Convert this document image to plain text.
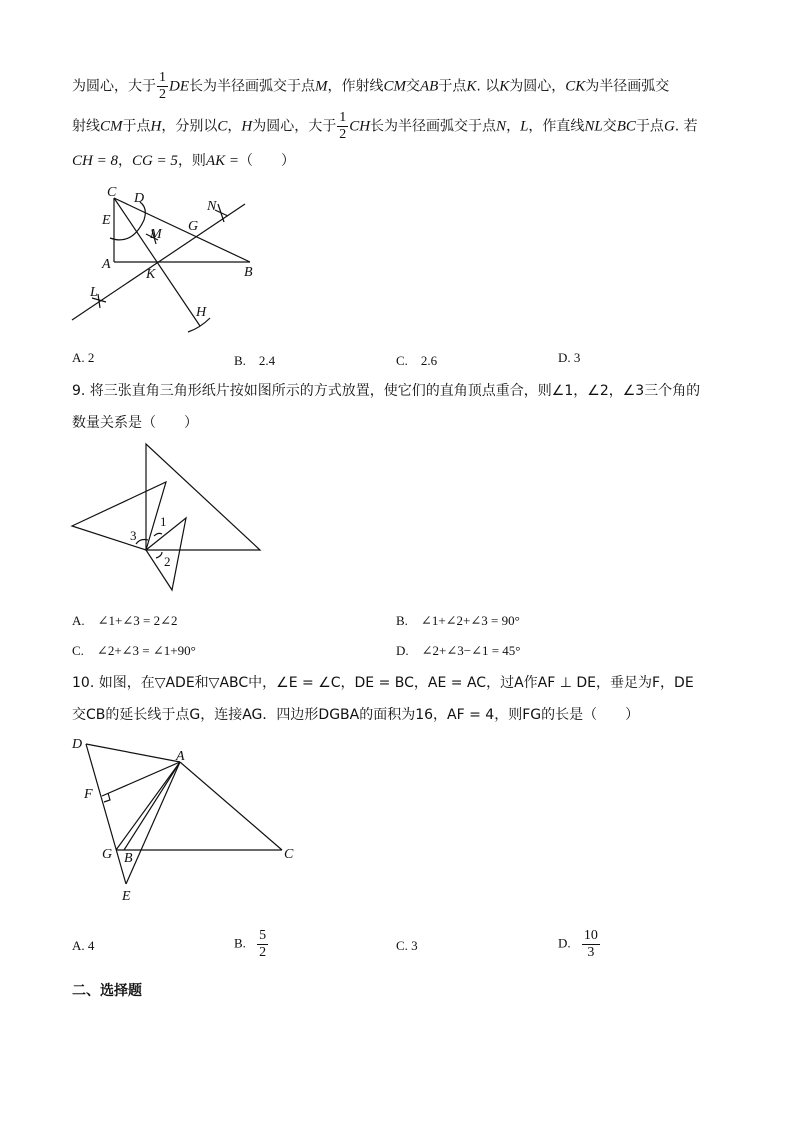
为圆心，大于 $\frac{1}{2}$ DE长为半径画弧交于点M，作射线CM交AB于点K. 以K为圆心，CK为半径画弧交
射线CM于点H，分别以C，H为圆心，大于 $\frac{1}{2}$ CH长为半径画弧交于点N，L，作直线NL交BC于点G. 若
CH = 8，CG = 5，则AK =（　　）
C D
E
M
N
G
A
K	B
L
H
A. 2	B.　2.4	C.　2.6	D. 3
9. 将三张直角三角形纸片按如图所示的方式放置，使它们的直角顶点重合，则∠1，∠2，∠3三个角的
数量关系是（　　）
1
3
2
A.　∠1+∠3 = 2∠2	B.　∠1+∠2+∠3 = 90°
C.　∠2+∠3 = ∠1+90°	D.　∠2+∠3−∠1 = 45°
10. 如图，在▽ADE和▽ABC中，∠E = ∠C，DE = BC，AE = AC，过A作AF ⊥ DE，垂足为F，DE
交CB的延长线于点G，连接AG．四边形DGBA的面积为16，AF = 4，则FG的长是（　　）
D
A
F
G B	C
E
A. 4	B. $\frac{5}{2}$	C. 3	D. $\frac{10}{3}$
二、选择题
